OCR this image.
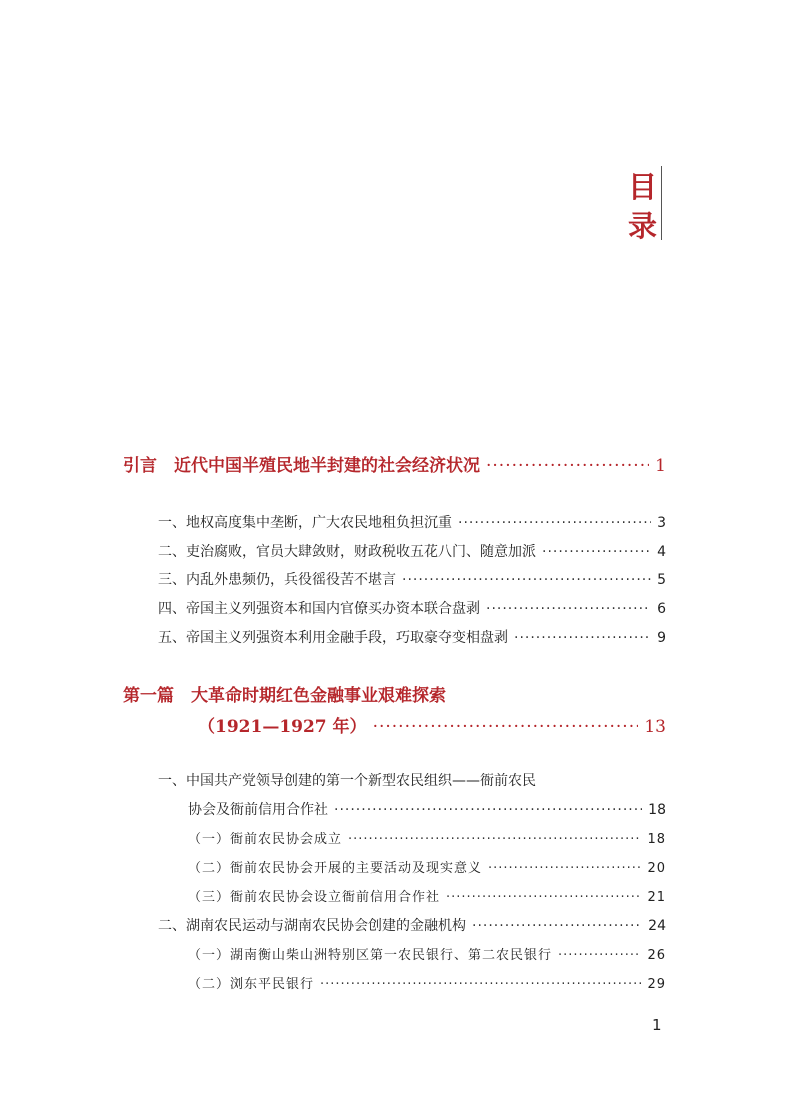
目
录
引言　近代中国半殖民地半封建的社会经济状况 ·····	1
一、地权高度集中垄断，广大农民地租负担沉重 ·····	3
二、吏治腐败，官员大肆敛财，财政税收五花八门、随意加派 ·····	4
三、内乱外患频仍，兵役徭役苦不堪言 ·····	5
四、帝国主义列强资本和国内官僚买办资本联合盘剥 ·····	6
五、帝国主义列强资本利用金融手段，巧取豪夺变相盘剥 ·····	9
第一篇　大革命时期红色金融事业艰难探索
（1921—1927 年） ·····	13
一、中国共产党领导创建的第一个新型农民组织——衙前农民
协会及衙前信用合作社 ·····	18
（一）衙前农民协会成立 ·····	18
（二）衙前农民协会开展的主要活动及现实意义 ·····	20
（三）衙前农民协会设立衙前信用合作社 ·····	21
二、湖南农民运动与湖南农民协会创建的金融机构 ·····	24
（一）湖南衡山柴山洲特别区第一农民银行、第二农民银行 ·····	26
（二）浏东平民银行 ·····	29
1
